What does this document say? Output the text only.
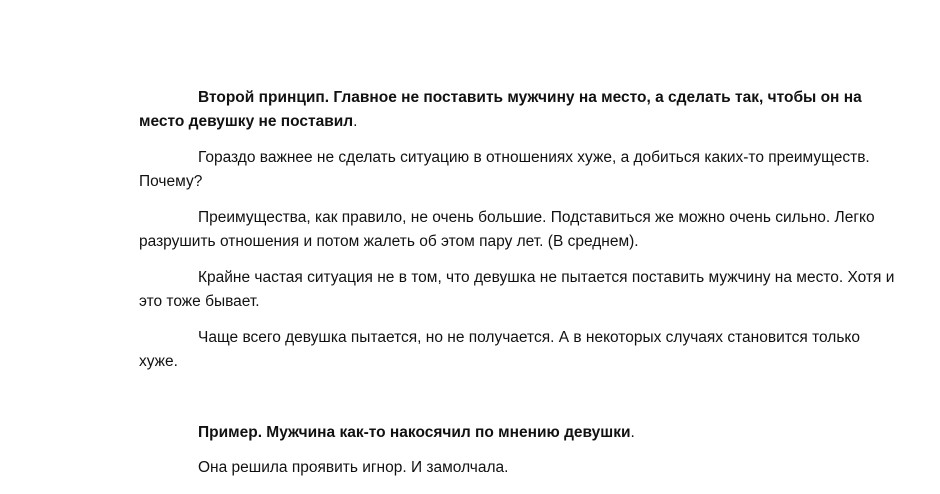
Второй принцип. Главное не поставить мужчину на место, а сделать так, чтобы он на место девушку не поставил.

Гораздо важнее не сделать ситуацию в отношениях хуже, а добиться каких-то преимуществ. Почему?

Преимущества, как правило, не очень большие. Подставиться же можно очень сильно. Легко разрушить отношения и потом жалеть об этом пару лет. (В среднем).

Крайне частая ситуация не в том, что девушка не пытается поставить мужчину на место. Хотя и это тоже бывает.

Чаще всего девушка пытается, но не получается. А в некоторых случаях становится только хуже.

Пример. Мужчина как-то накосячил по мнению девушки.

Она решила проявить игнор. И замолчала.
